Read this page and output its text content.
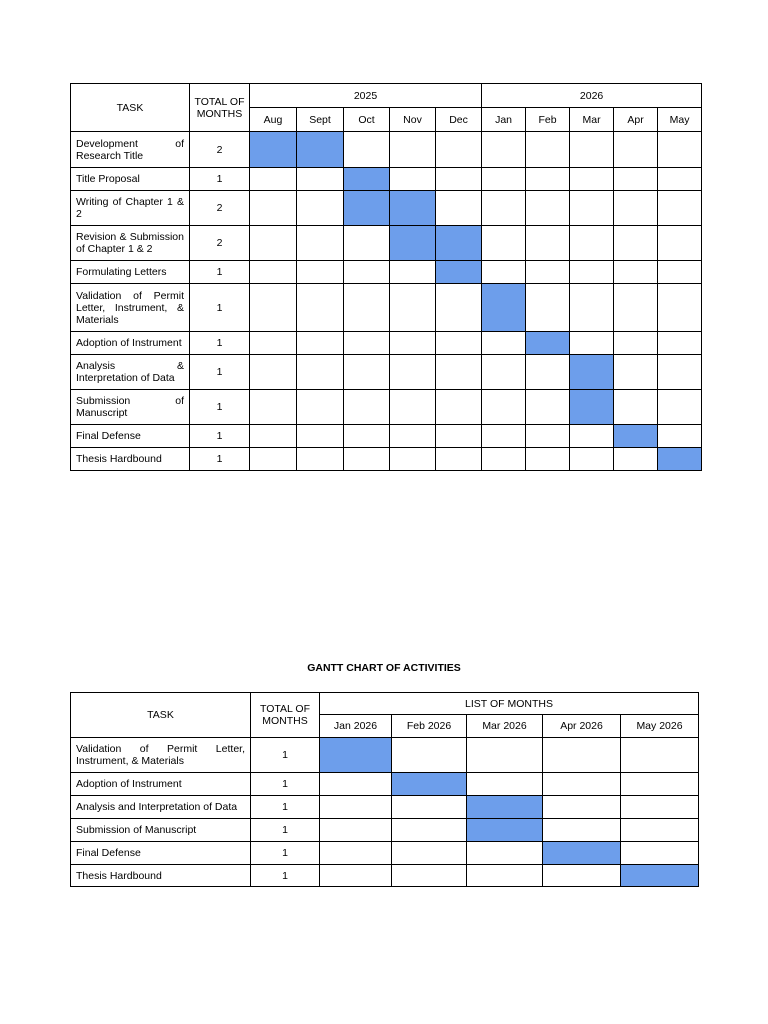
TASK	TOTAL OF MONTHS	2025					2026				
		Aug	Sept	Oct	Nov	Dec	Jan	Feb	Mar	Apr	May
Development of Research Title	2										
Title Proposal	1										
Writing of Chapter 1 & 2	2										
Revision & Submission of Chapter 1 & 2	2										
Formulating Letters	1										
Validation of Permit Letter, Instrument, & Materials	1										
Adoption of Instrument	1										
Analysis & Interpretation of Data	1										
Submission of Manuscript	1										
Final Defense	1										
Thesis Hardbound	1										
GANTT CHART OF ACTIVITIES
TASK	TOTAL OF MONTHS	LIST OF MONTHS				
		Jan 2026	Feb 2026	Mar 2026	Apr 2026	May 2026
Validation of Permit Letter, Instrument, & Materials	1					
Adoption of Instrument	1					
Analysis and Interpretation of Data	1					
Submission of Manuscript	1					
Final Defense	1					
Thesis Hardbound	1					
